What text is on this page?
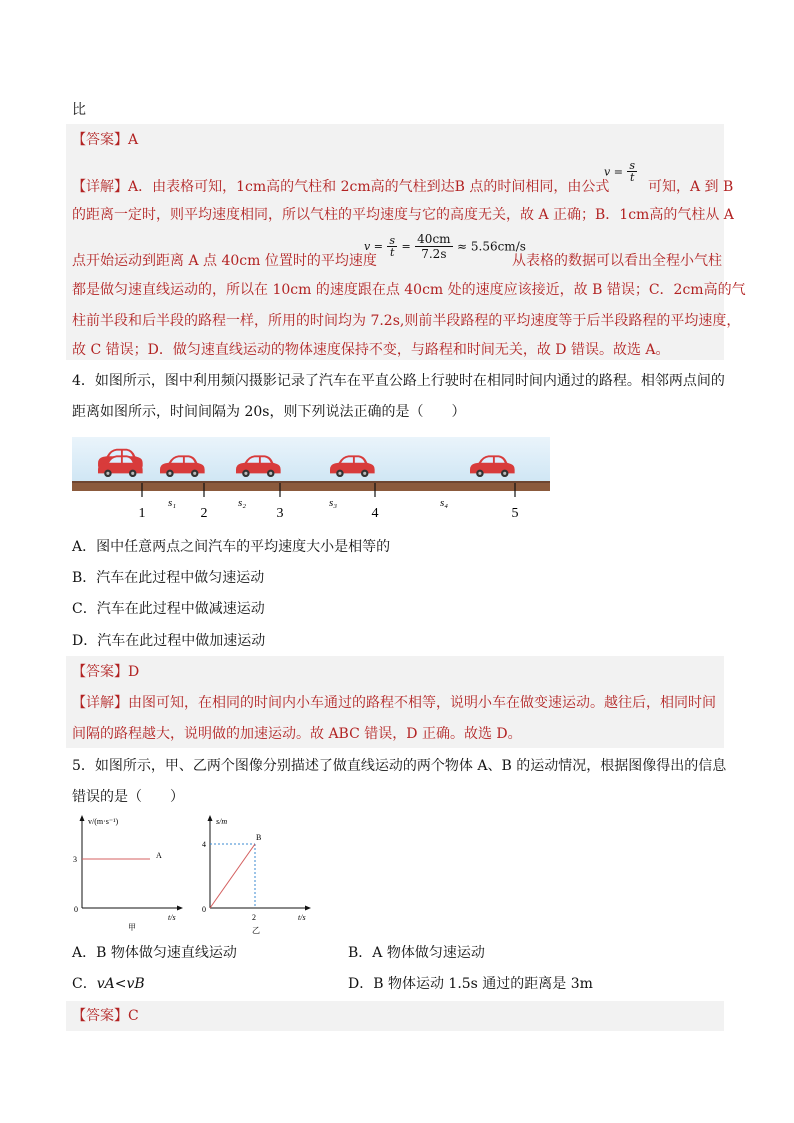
比
【答案】A
【详解】A．由表格可知，1cm高的气柱和 2cm高的气柱到达B 点的时间相同，由公式
$v = \frac{s}{t}$
可知，A 到 B
的距离一定时，则平均速度相同，所以气柱的平均速度与它的高度无关，故 A 正确；B．1cm高的气柱从 A
点开始运动到距离 A 点 40cm 位置时的平均速度
$v = \frac{s}{t} = \frac{40cm}{7.2s} \approx 5.56cm/s$
从表格的数据可以看出全程小气柱
都是做匀速直线运动的，所以在 10cm 的速度跟在点 40cm 处的速度应该接近，故 B 错误；C．2cm高的气
柱前半段和后半段的路程一样，所用的时间均为 7.2s,则前半段路程的平均速度等于后半段路程的平均速度，
故 C 错误；D．做匀速直线运动的物体速度保持不变，与路程和时间无关，故 D 错误。故选 A。
4．如图所示，图中利用频闪摄影记录了汽车在平直公路上行驶时在相同时间内通过的路程。相邻两点间的
距离如图所示，时间间隔为 20s，则下列说法正确的是（　　）
1	2	3	4	5
s₁	s₂	s₃	s₄
A．图中任意两点之间汽车的平均速度大小是相等的
B．汽车在此过程中做匀速运动
C．汽车在此过程中做减速运动
D．汽车在此过程中做加速运动
【答案】D
【详解】由图可知，在相同的时间内小车通过的路程不相等，说明小车在做变速运动。越往后，相同时间
间隔的路程越大，说明做的加速运动。故 ABC 错误，D 正确。故选 D。
5．如图所示，甲、乙两个图像分别描述了做直线运动的两个物体 A、B 的运动情况，根据图像得出的信息
错误的是（　　）
v/(m·s⁻¹)
t/s
0
3	A
甲
s/m
t/s
0
4
2
B
乙
A．B 物体做匀速直线运动	B．A 物体做匀速运动
C．vA<vB	D．B 物体运动 1.5s 通过的距离是 3m
【答案】C
